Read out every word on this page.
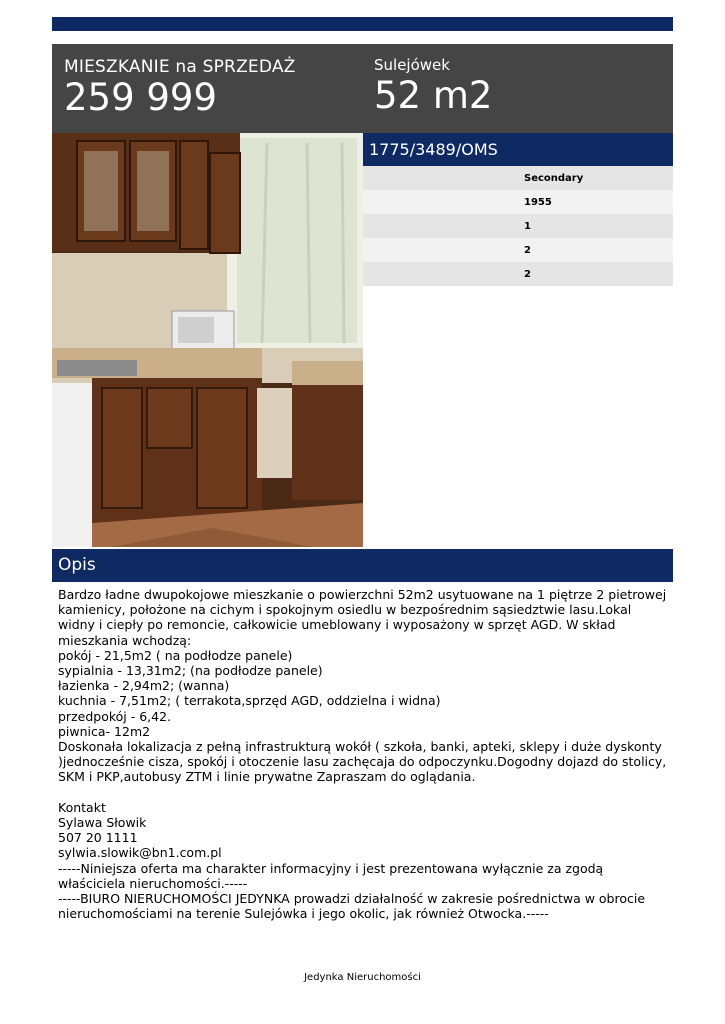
MIESZKANIE na SPRZEDAŻ
259 999
Sulejówek
52 m2
1775/3489/OMS
Secondary
1955
1
2
2
Opis
Bardzo ładne dwupokojowe mieszkanie o powierzchni 52m2 usytuowane na 1 piętrze 2 pietrowej kamienicy, położone na cichym i spokojnym osiedlu w bezpośrednim sąsiedztwie lasu.Lokal widny i ciepły po remoncie, całkowicie umeblowany i wyposażony w sprzęt AGD. W skład mieszkania wchodzą:
pokój - 21,5m2 ( na podłodze panele)
sypialnia - 13,31m2; (na podłodze panele)
łazienka - 2,94m2; (wanna)
kuchnia - 7,51m2; ( terrakota,sprzęd AGD, oddzielna i widna)
przedpokój - 6,42.
piwnica- 12m2
Doskonała lokalizacja z pełną infrastrukturą wokół ( szkoła, banki, apteki, sklepy i duże dyskonty )jednocześnie cisza, spokój i otoczenie lasu zachęcaja do odpoczynku.Dogodny dojazd do stolicy, SKM i PKP,autobusy ZTM i linie prywatne Zapraszam do oglądania.

Kontakt
Sylawa Słowik
507 20 1111
sylwia.slowik@bn1.com.pl
-----Niniejsza oferta ma charakter informacyjny i jest prezentowana wyłącznie za zgodą właściciela nieruchomości.-----
-----BIURO NIERUCHOMOŚCI JEDYNKA prowadzi działalność w zakresie pośrednictwa w obrocie nieruchomościami na terenie Sulejówka i jego okolic, jak również Otwocka.-----
Jedynka Nieruchomości
